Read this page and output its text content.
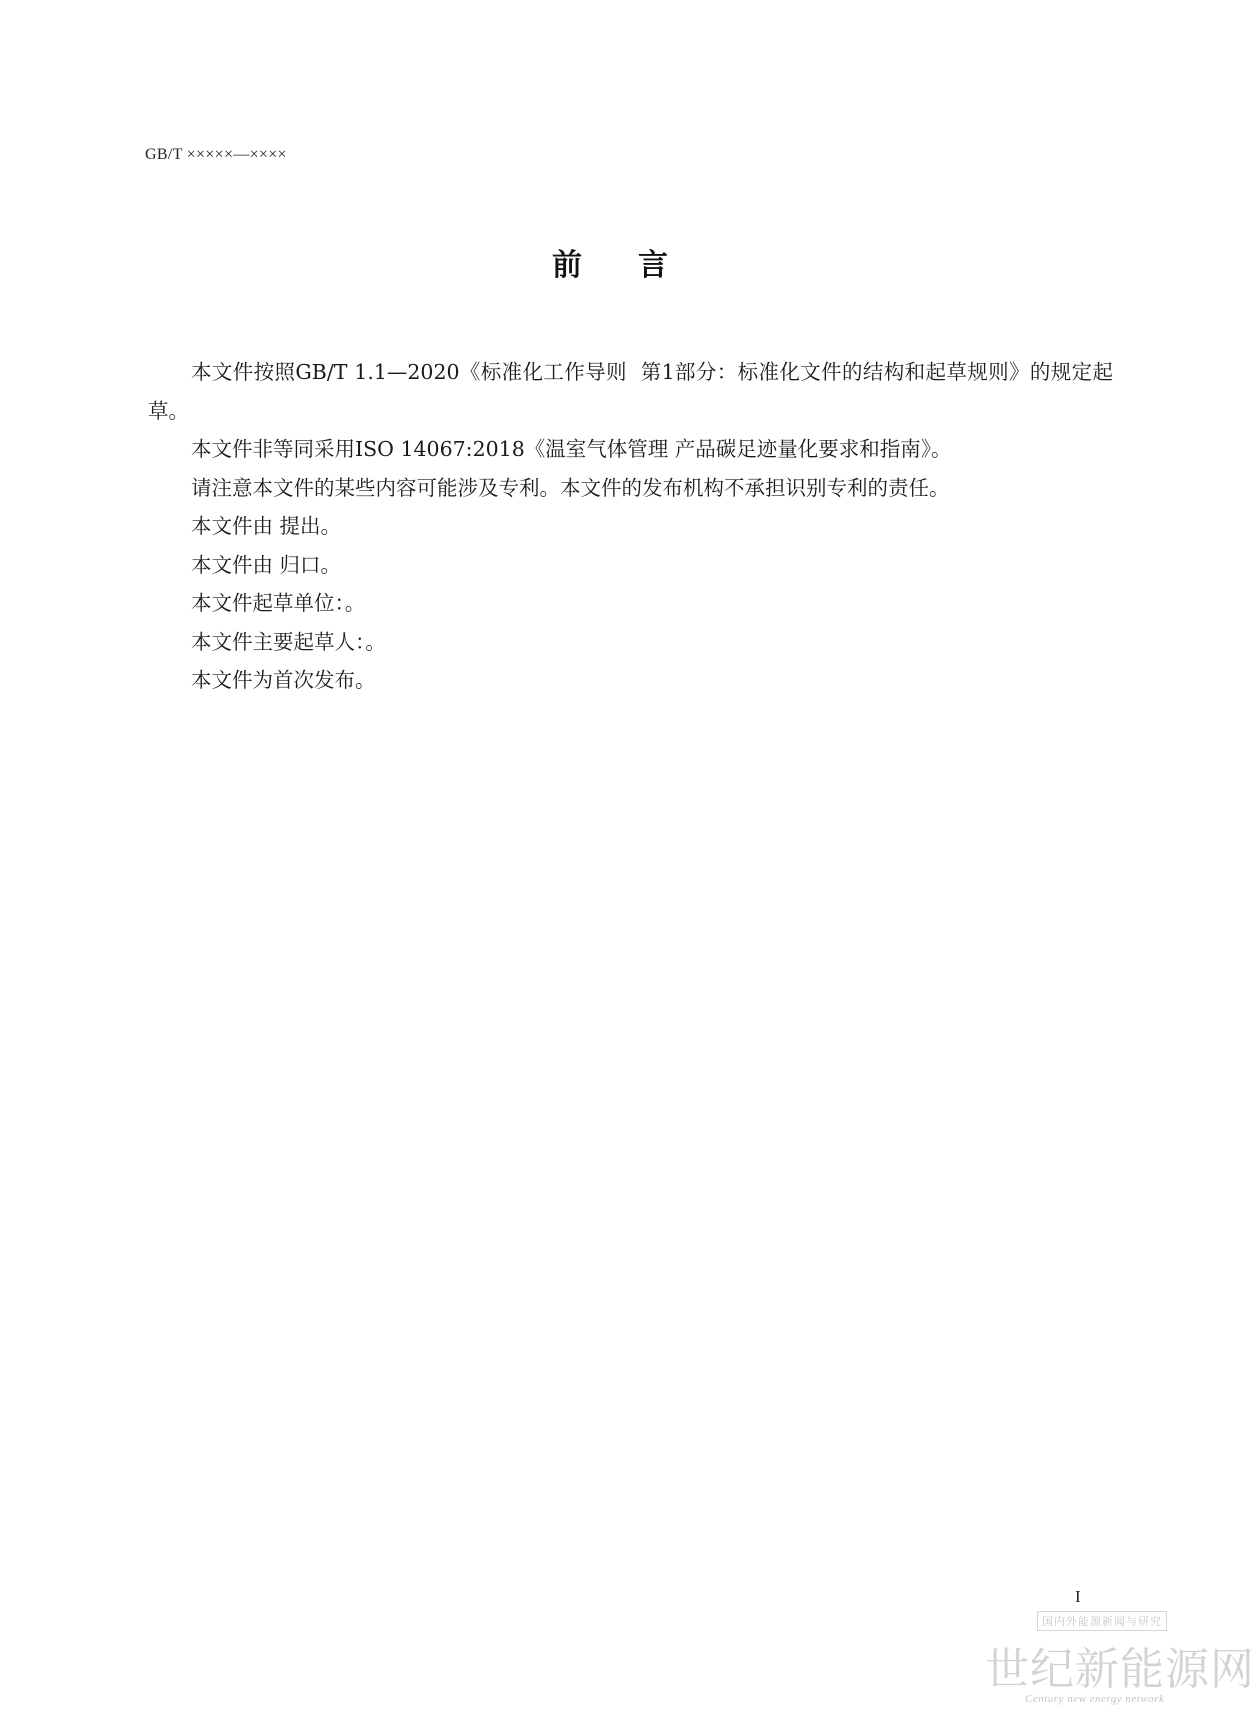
GB/T ×××××—××××
前言

本文件按照GB/T 1.1—2020《标准化工作导则  第1部分：标准化文件的结构和起草规则》的规定起草。

本文件非等同采用ISO 14067:2018《温室气体管理 产品碳足迹量化要求和指南》。

请注意本文件的某些内容可能涉及专利。本文件的发布机构不承担识别专利的责任。

本文件由 提出。

本文件由 归口。

本文件起草单位：。

本文件主要起草人：。

本文件为首次发布。

I
国内外能源新闻与研究
世纪新能源网
Century new energy network
